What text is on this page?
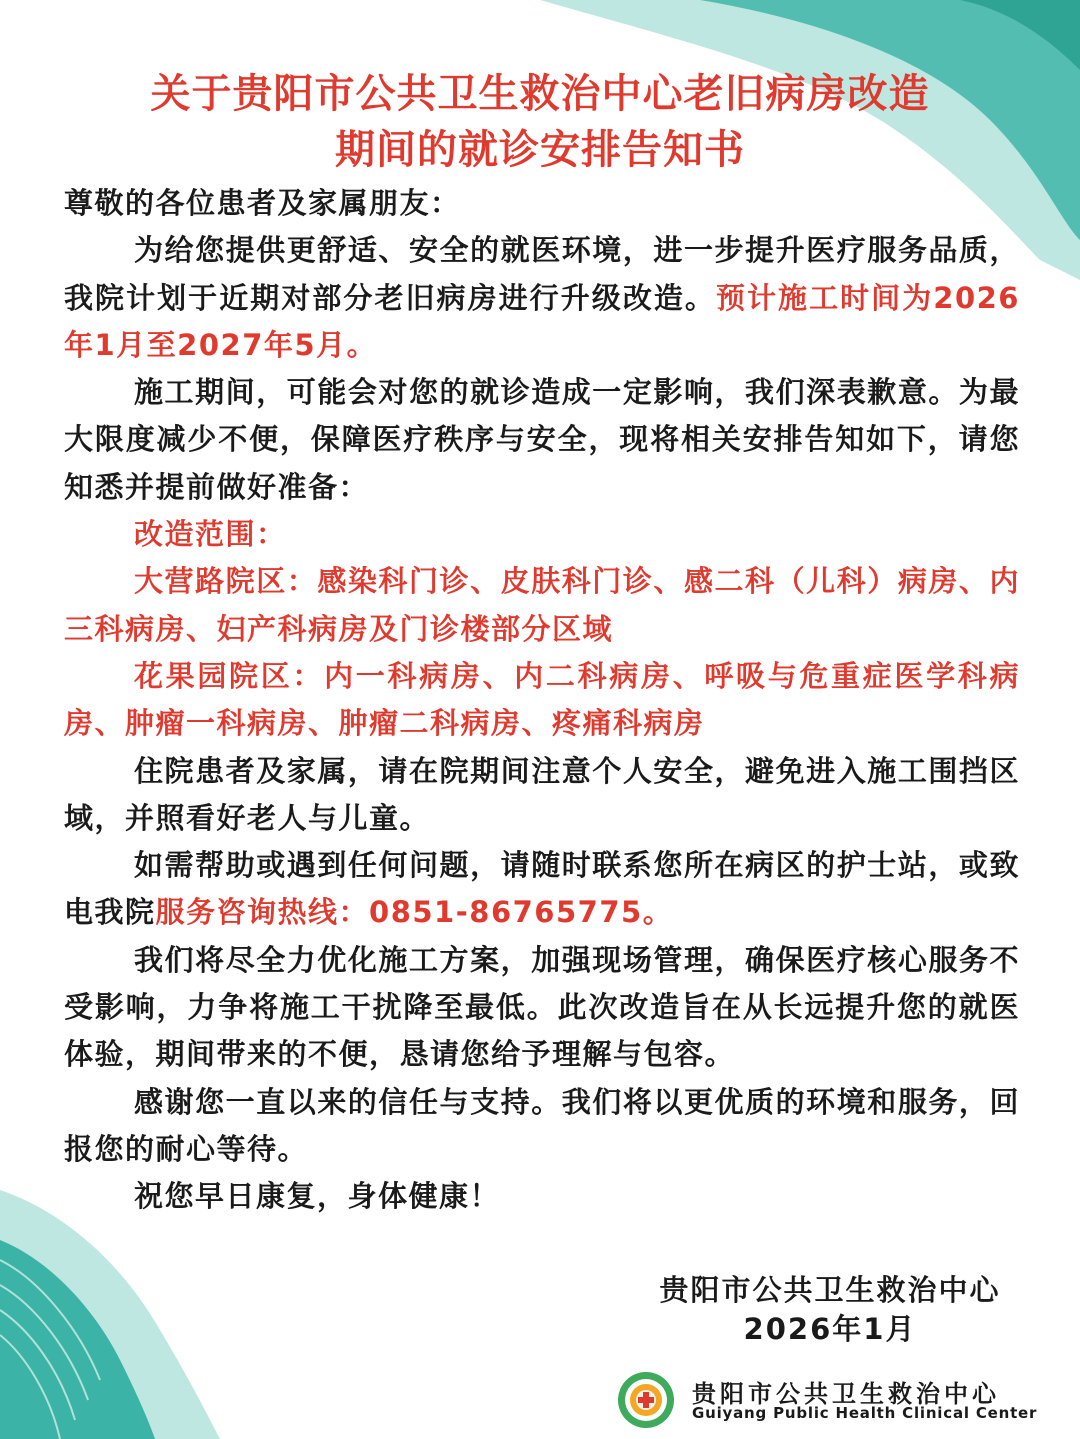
关于贵阳市公共卫生救治中心老旧病房改造
期间的就诊安排告知书

尊敬的各位患者及家属朋友：

为给您提供更舒适、安全的就医环境，进一步提升医疗服务品质，我院计划于近期对部分老旧病房进行升级改造。预计施工时间为2026年1月至2027年5月。

施工期间，可能会对您的就诊造成一定影响，我们深表歉意。为最大限度减少不便，保障医疗秩序与安全，现将相关安排告知如下，请您知悉并提前做好准备：

改造范围：

大营路院区：感染科门诊、皮肤科门诊、感二科（儿科）病房、内三科病房、妇产科病房及门诊楼部分区域

花果园院区：内一科病房、内二科病房、呼吸与危重症医学科病房、肿瘤一科病房、肿瘤二科病房、疼痛科病房

住院患者及家属，请在院期间注意个人安全，避免进入施工围挡区域，并照看好老人与儿童。

如需帮助或遇到任何问题，请随时联系您所在病区的护士站，或致电我院服务咨询热线：0851-86765775。

我们将尽全力优化施工方案，加强现场管理，确保医疗核心服务不受影响，力争将施工干扰降至最低。此次改造旨在从长远提升您的就医体验，期间带来的不便，恳请您给予理解与包容。

感谢您一直以来的信任与支持。我们将以更优质的环境和服务，回报您的耐心等待。

祝您早日康复，身体健康！

贵阳市公共卫生救治中心
2026年1月
贵阳市公共卫生救治中心
Guiyang Public Health Clinical Center
